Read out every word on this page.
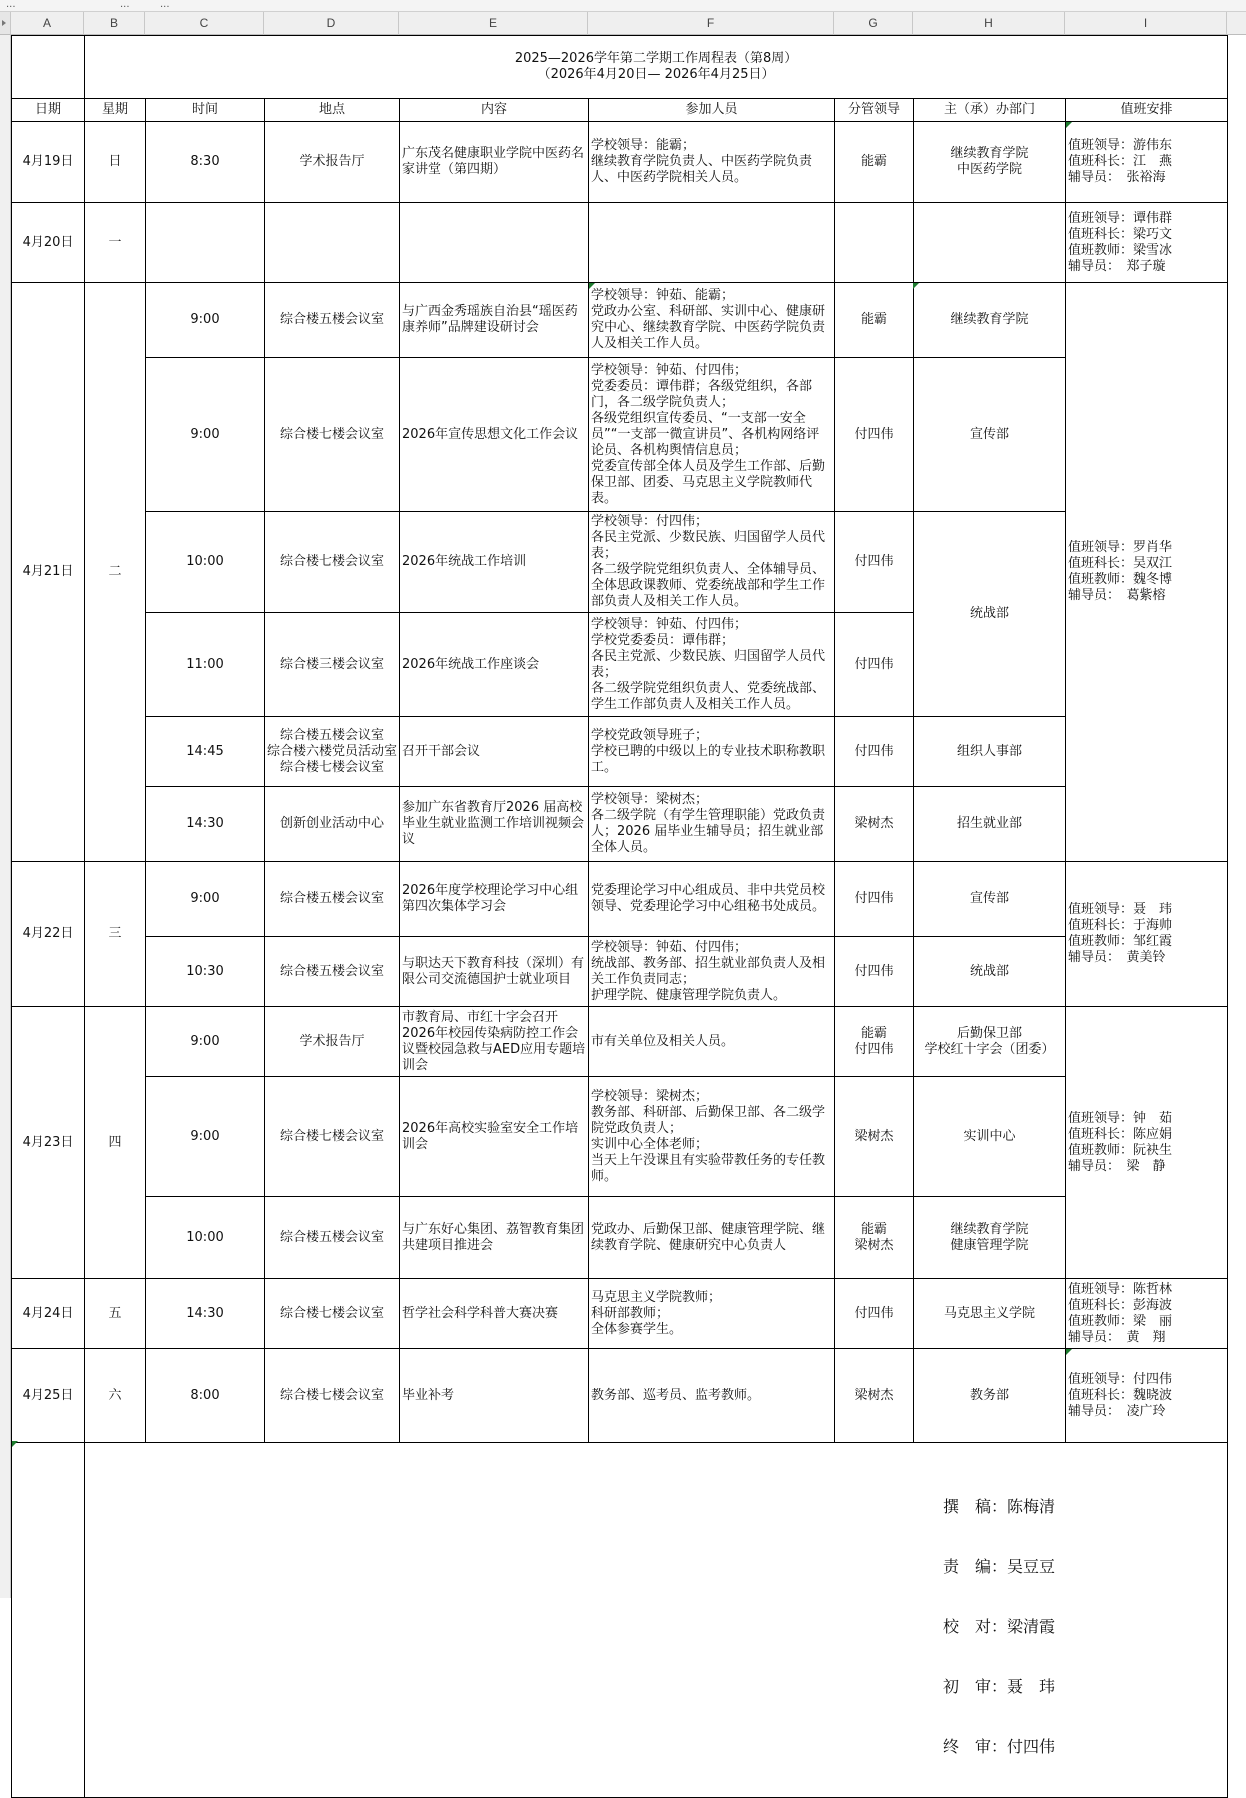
...	...	...
A	B	C	D	E	F	G	H	I

	2025—2026学年第二学期工作周程表（第8周）
（2026年4月20日— 2026年4月25日）							

日期	星期	时间	地点	内容	参加人员	分管领导	主（承）办部门	值班安排
4月19日	日	8:30	学术报告厅	广东茂名健康职业学院中医药名家讲堂（第四期）	学校领导：能霸；
继续教育学院负责人、中医药学院负责人、中医药学院相关人员。	能霸	继续教育学院
中医药学院	值班领导：游伟东
值班科长：江　燕
辅导员：　张裕海
4月20日	一							值班领导：谭伟群
值班科长：梁巧文
值班教师：梁雪冰
辅导员：　郑子璇
4月21日	二	9:00	综合楼五楼会议室	与广西金秀瑶族自治县“瑶医药康养师”品牌建设研讨会	学校领导：钟茹、能霸；
党政办公室、科研部、实训中心、健康研究中心、继续教育学院、中医药学院负责人及相关工作人员。	能霸	继续教育学院	值班领导：罗肖华
值班科长：吴双江
值班教师：魏冬博
辅导员：　葛紫榕
		9:00	综合楼七楼会议室	2026年宣传思想文化工作会议	学校领导：钟茹、付四伟；
党委委员：谭伟群；各级党组织，各部门，各二级学院负责人；
各级党组织宣传委员、“一支部一安全员”“一支部一微宣讲员”、各机构网络评论员、各机构舆情信息员；
党委宣传部全体人员及学生工作部、后勤保卫部、团委、马克思主义学院教师代表。	付四伟	宣传部	
		10:00	综合楼七楼会议室	2026年统战工作培训	学校领导：付四伟；
各民主党派、少数民族、归国留学人员代表；
各二级学院党组织负责人、全体辅导员、全体思政课教师、党委统战部和学生工作部负责人及相关工作人员。	付四伟	统战部	
		11:00	综合楼三楼会议室	2026年统战工作座谈会	学校领导：钟茹、付四伟；
学校党委委员：谭伟群；
各民主党派、少数民族、归国留学人员代表；
各二级学院党组织负责人、党委统战部、学生工作部负责人及相关工作人员。	付四伟		
		14:45	综合楼五楼会议室
综合楼六楼党员活动室
综合楼七楼会议室	召开干部会议	学校党政领导班子；
学校已聘的中级以上的专业技术职称教职工。	付四伟	组织人事部	
		14:30	创新创业活动中心	参加广东省教育厅2026 届高校毕业生就业监测工作培训视频会议	学校领导：梁树杰；
各二级学院（有学生管理职能）党政负责人；2026 届毕业生辅导员；招生就业部全体人员。	梁树杰	招生就业部	
4月22日	三	9:00	综合楼五楼会议室	2026年度学校理论学习中心组第四次集体学习会	党委理论学习中心组成员、非中共党员校领导、党委理论学习中心组秘书处成员。	付四伟	宣传部	值班领导：聂　玮
值班科长：于海帅
值班教师：邹红霞
辅导员：　黄美铃
		10:30	综合楼五楼会议室	与职达天下教育科技（深圳）有限公司交流德国护士就业项目	学校领导：钟茹、付四伟；
统战部、教务部、招生就业部负责人及相关工作负责同志；
护理学院、健康管理学院负责人。	付四伟	统战部	
4月23日	四	9:00	学术报告厅	市教育局、市红十字会召开2026年校园传染病防控工作会议暨校园急救与AED应用专题培训会	市有关单位及相关人员。	能霸
付四伟	后勤保卫部
学校红十字会（团委）	值班领导：钟　茹
值班科长：陈应娟
值班教师：阮袂生
辅导员：　梁　静
		9:00	综合楼七楼会议室	2026年高校实验室安全工作培训会	学校领导：梁树杰；
教务部、科研部、后勤保卫部、各二级学院党政负责人；
实训中心全体老师；
当天上午没课且有实验带教任务的专任教师。	梁树杰	实训中心	
		10:00	综合楼五楼会议室	与广东好心集团、荔智教育集团共建项目推进会	党政办、后勤保卫部、健康管理学院、继续教育学院、健康研究中心负责人	能霸
梁树杰	继续教育学院
健康管理学院	
4月24日	五	14:30	综合楼七楼会议室	哲学社会科学科普大赛决赛	马克思主义学院教师；
科研部教师；
全体参赛学生。	付四伟	马克思主义学院	值班领导：陈哲林
值班科长：彭海波
值班教师：梁　丽
辅导员：　黄　翔
4月25日	六	8:00	综合楼七楼会议室	毕业补考	教务部、巡考员、监考教师。	梁树杰	教务部	值班领导：付四伟
值班科长：魏晓波
辅导员：　凌广玲

	撰　稿：陈梅清

责　编：吴豆豆

校　对：梁清霞

初　审：聂　玮

终　审：付四伟							
